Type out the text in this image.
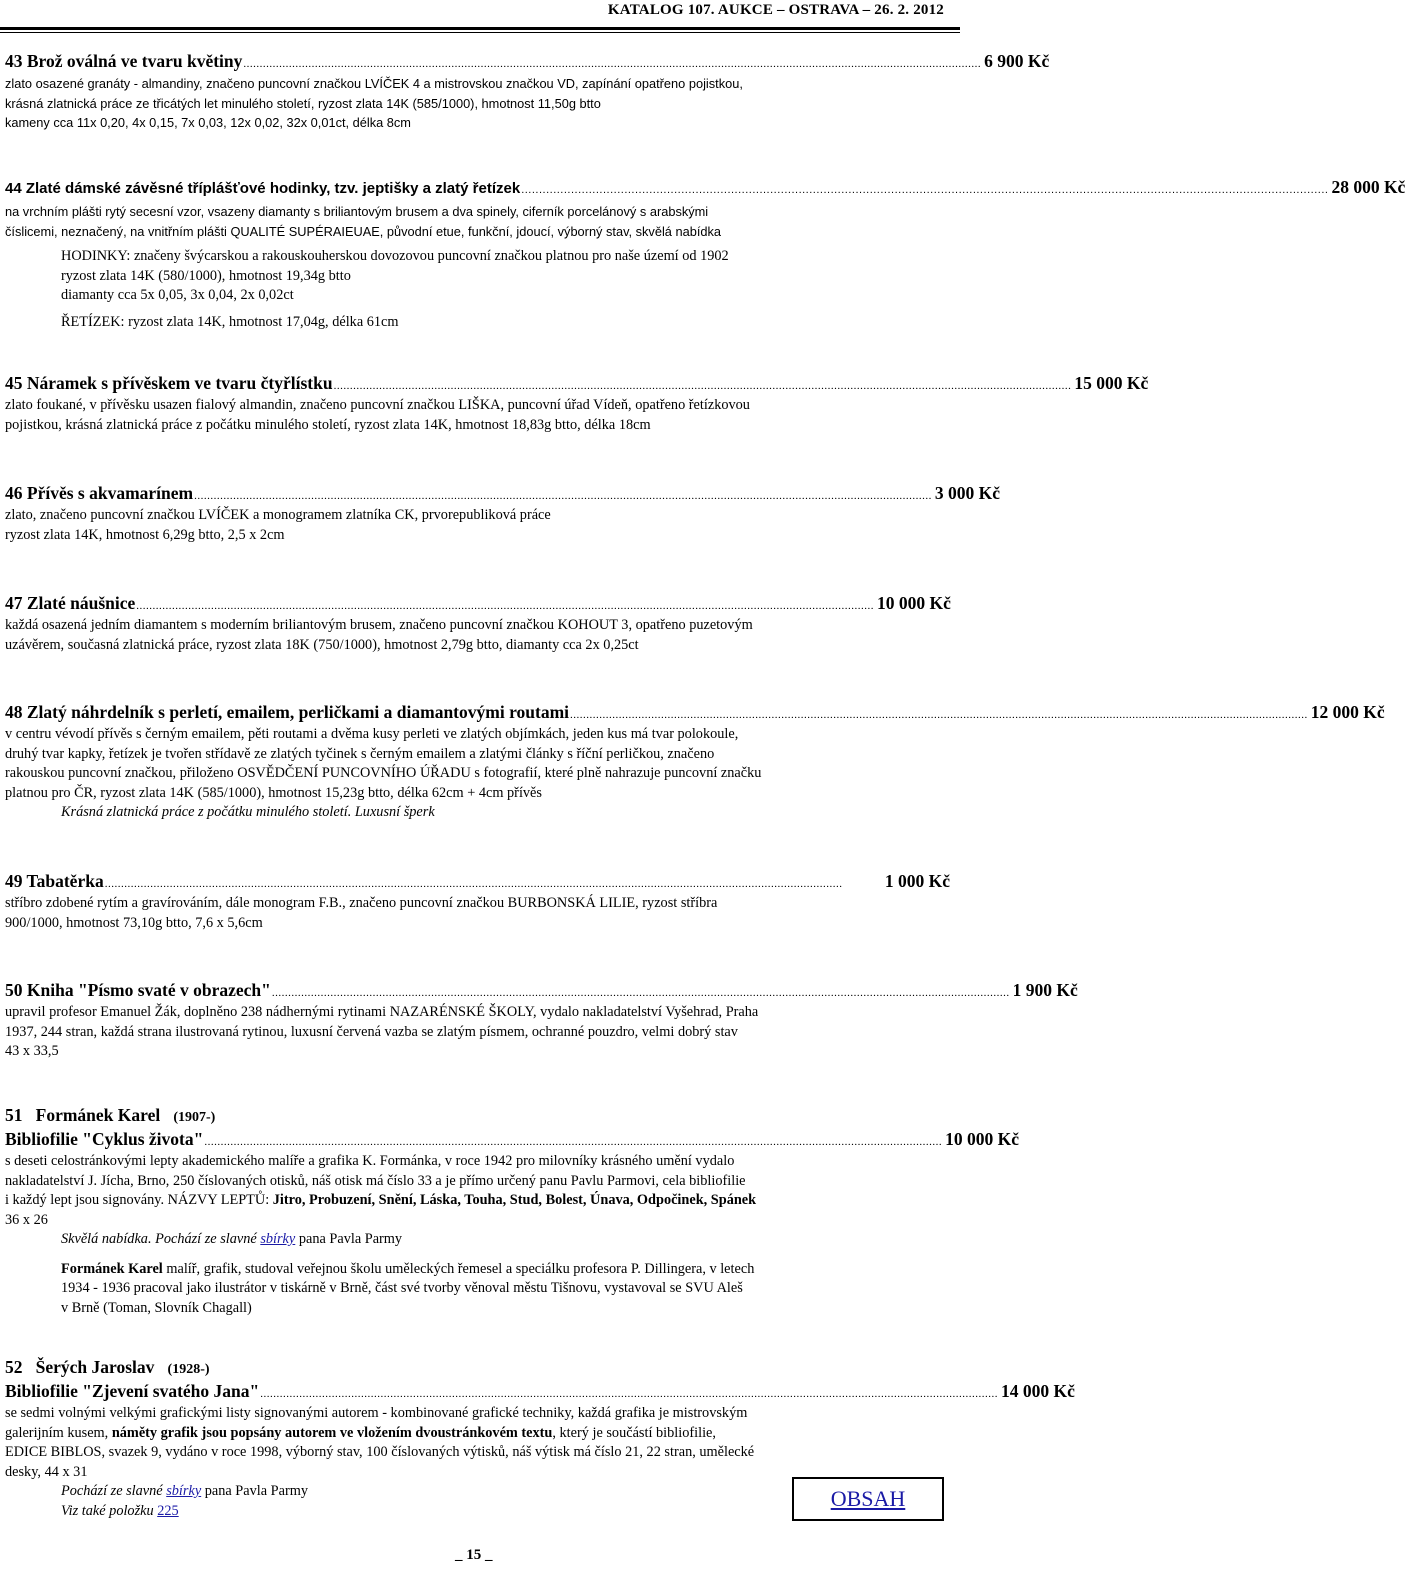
KATALOG 107. AUKCE – OSTRAVA – 26. 2. 2012
43 Brož oválná ve tvaru květiny ................................................................................................................................................................................................................................... 6 900 Kč

zlato osazené granáty - almandiny, značeno puncovní značkou LVÍČEK 4 a mistrovskou značkou VD, zapínání opatřeno pojistkou,

krásná zlatnická práce ze třicátých let minulého století, ryzost zlata 14K (585/1000), hmotnost 11,50g btto

kameny cca 11x 0,20, 4x 0,15, 7x 0,03, 12x 0,02, 32x 0,01ct, délka 8cm

44 Zlaté dámské závěsné tříplášťové hodinky, tzv. jeptišky a zlatý řetízek ................................................................................................................................................................................................................................... 28 000 Kč

na vrchním plášti rytý secesní vzor, vsazeny diamanty s briliantovým brusem a dva spinely, ciferník porcelánový s arabskými

číslicemi, neznačený, na vnitřním plášti QUALITÉ SUPÉRAIEUAE, původní etue, funkční, jdoucí, výborný stav, skvělá nabídka

HODINKY: značeny švýcarskou a rakouskouherskou dovozovou puncovní značkou platnou pro naše území od 1902

ryzost zlata 14K (580/1000), hmotnost 19,34g btto

diamanty cca 5x 0,05, 3x 0,04, 2x 0,02ct

ŘETÍZEK: ryzost zlata 14K, hmotnost 17,04g, délka 61cm

45 Náramek s přívěskem ve tvaru čtyřlístku ................................................................................................................................................................................................................................... 15 000 Kč

zlato foukané, v přívěsku usazen fialový almandin, značeno puncovní značkou LIŠKA, puncovní úřad Vídeň, opatřeno řetízkovou

pojistkou, krásná zlatnická práce z počátku minulého století, ryzost zlata 14K, hmotnost 18,83g btto, délka 18cm

46 Přívěs s akvamarínem ................................................................................................................................................................................................................................... 3 000 Kč

zlato, značeno puncovní značkou LVÍČEK a monogramem zlatníka CK, prvorepubliková práce

ryzost zlata 14K, hmotnost 6,29g btto, 2,5 x 2cm

47 Zlaté náušnice ................................................................................................................................................................................................................................... 10 000 Kč

každá osazená jedním diamantem s moderním briliantovým brusem, značeno puncovní značkou KOHOUT 3, opatřeno puzetovým

uzávěrem, současná zlatnická práce, ryzost zlata 18K (750/1000), hmotnost 2,79g btto, diamanty cca 2x 0,25ct

48 Zlatý náhrdelník s perletí, emailem, perličkami a diamantovými routami ................................................................................................................................................................................................................................... 12 000 Kč

v centru vévodí přívěs s černým emailem, pěti routami a dvěma kusy perleti ve zlatých objímkách, jeden kus má tvar polokoule,

druhý tvar kapky, řetízek je tvořen střídavě ze zlatých tyčinek s černým emailem a zlatými články s říční perličkou, značeno

rakouskou puncovní značkou, přiloženo OSVĚDČENÍ PUNCOVNÍHO ÚŘADU s fotografií, které plně nahrazuje puncovní značku

platnou pro ČR, ryzost zlata 14K (585/1000), hmotnost 15,23g btto, délka 62cm + 4cm přívěs

Krásná zlatnická práce z počátku minulého století. Luxusní šperk

49 Tabatěrka ...................................................................................................................................................................................................................................	1 000 Kč

stříbro zdobené rytím a gravírováním, dále monogram F.B., značeno puncovní značkou BURBONSKÁ LILIE, ryzost stříbra

900/1000, hmotnost 73,10g btto, 7,6 x 5,6cm

50 Kniha "Písmo svaté v obrazech" ................................................................................................................................................................................................................................... 1 900 Kč

upravil profesor Emanuel Žák, doplněno 238 nádhernými rytinami NAZARÉNSKÉ ŠKOLY, vydalo nakladatelství Vyšehrad, Praha

1937, 244 stran, každá strana ilustrovaná rytinou, luxusní červená vazba se zlatým písmem, ochranné pouzdro, velmi dobrý stav

43 x 33,5

51 Formánek Karel (1907-)
Bibliofilie "Cyklus života" ................................................................................................................................................................................................................................... 10 000 Kč

s deseti celostránkovými lepty akademického malíře a grafika K. Formánka, v roce 1942 pro milovníky krásného umění vydalo

nakladatelství J. Jícha, Brno, 250 číslovaných otisků, náš otisk má číslo 33 a je přímo určený panu Pavlu Parmovi, cela bibliofilie

i každý lept jsou signovány. NÁZVY LEPTŮ: Jitro, Probuzení, Snění, Láska, Touha, Stud, Bolest, Únava, Odpočinek, Spánek

36 x 26

Skvělá nabídka. Pochází ze slavné sbírky pana Pavla Parmy

Formánek Karel malíř, grafik, studoval veřejnou školu uměleckých řemesel a speciálku profesora P. Dillingera, v letech

1934 - 1936 pracoval jako ilustrátor v tiskárně v Brně, část své tvorby věnoval městu Tišnovu, vystavoval se SVU Aleš

v Brně (Toman, Slovník Chagall)

52 Šerých Jaroslav (1928-)
Bibliofilie "Zjevení svatého Jana" ................................................................................................................................................................................................................................... 14 000 Kč

se sedmi volnými velkými grafickými listy signovanými autorem - kombinované grafické techniky, každá grafika je mistrovským

galerijním kusem, náměty grafik jsou popsány autorem ve vložením dvoustránkovém textu, který je součástí bibliofilie,

EDICE BIBLOS, svazek 9, vydáno v roce 1998, výborný stav, 100 číslovaných výtisků, náš výtisk má číslo 21, 22 stran, umělecké

desky, 44 x 31

Pochází ze slavné sbírky pana Pavla Parmy

Viz také položku 225	OBSAH
_ 15 _
